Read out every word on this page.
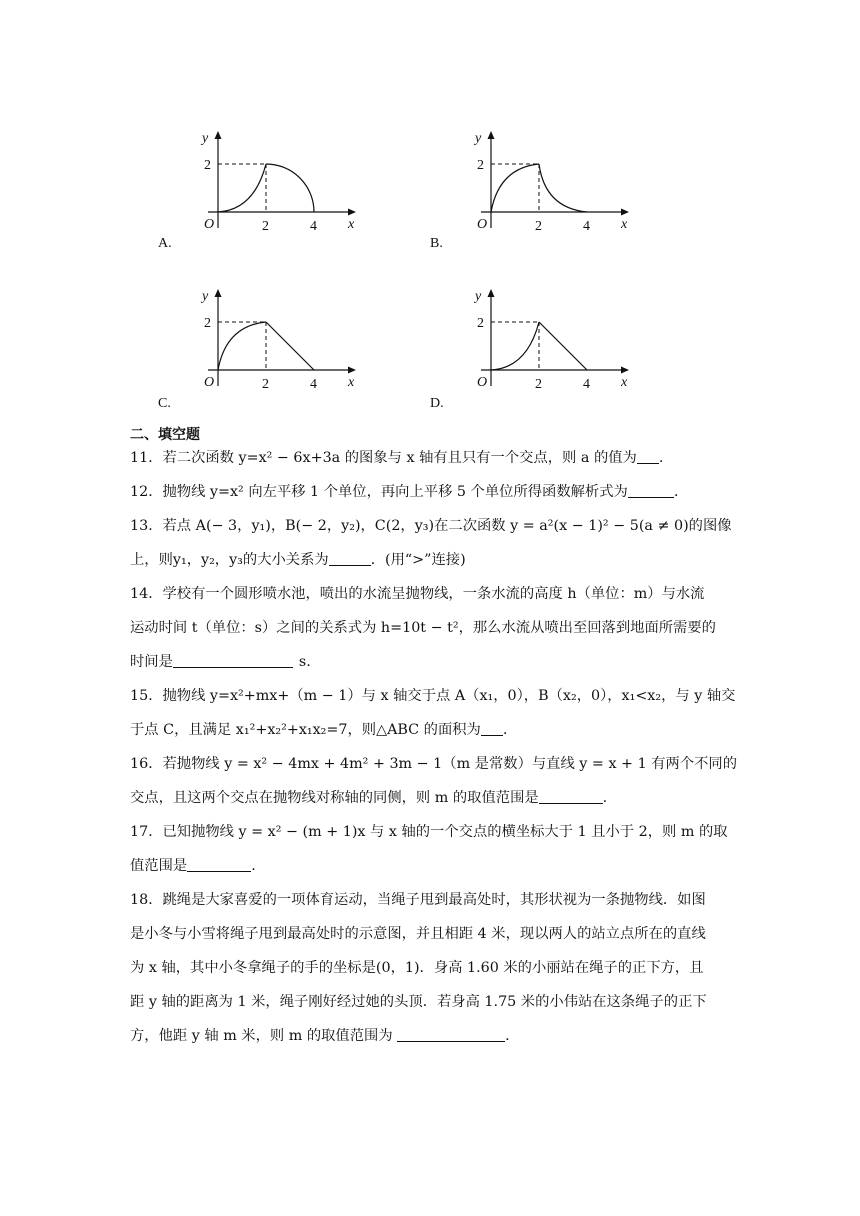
y
2
O	2	4 x
A.
y
2
O	2	4 x
B.
y
2
O	2	4 x
C.
y
2
O	2	4 x
D.
二、填空题
11．若二次函数 y=x² − 6x+3a 的图象与 x 轴有且只有一个交点，则 a 的值为 .
12．抛物线 y=x² 向左平移 1 个单位，再向上平移 5 个单位所得函数解析式为	.
13．若点 A(− 3，y₁)，B(− 2，y₂)，C(2，y₃)在二次函数 y = a²(x − 1)² − 5(a ≠ 0)的图像
上，则y₁，y₂，y₃的大小关系为	．(用“>”连接)
14．学校有一个圆形喷水池，喷出的水流呈抛物线，一条水流的高度 h（单位：m）与水流
运动时间 t（单位：s）之间的关系式为 h=10t − t²，那么水流从喷出至回落到地面所需要的
时间是	s.
15．抛物线 y=x²+mx+（m − 1）与 x 轴交于点 A（x₁，0），B（x₂，0），x₁<x₂，与 y 轴交
于点 C，且满足 x₁²+x₂²+x₁x₂=7，则△ABC 的面积为 .
16．若抛物线 y = x² − 4mx + 4m² + 3m − 1（m 是常数）与直线 y = x + 1 有两个不同的
交点，且这两个交点在抛物线对称轴的同侧，则 m 的取值范围是	.
17．已知抛物线 y = x² − (m + 1)x 与 x 轴的一个交点的横坐标大于 1 且小于 2，则 m 的取
值范围是	.
18．跳绳是大家喜爱的一项体育运动，当绳子甩到最高处时，其形状视为一条抛物线．如图
是小冬与小雪将绳子甩到最高处时的示意图，并且相距 4 米，现以两人的站立点所在的直线
为 x 轴，其中小冬拿绳子的手的坐标是(0，1)．身高 1.60 米的小丽站在绳子的正下方，且
距 y 轴的距离为 1 米，绳子刚好经过她的头顶．若身高 1.75 米的小伟站在这条绳子的正下
方，他距 y 轴 m 米，则 m 的取值范围为	.
